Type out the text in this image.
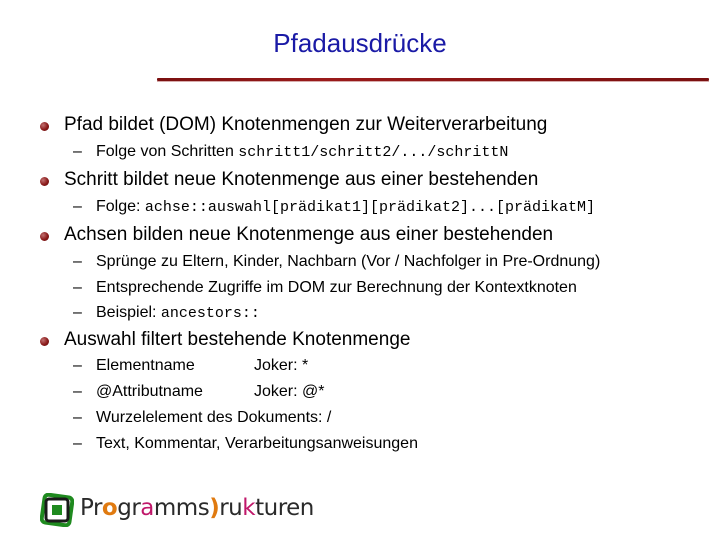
Pfadausdrücke
Pfad bildet (DOM) Knotenmengen zur Weiterverarbeitung
– Folge von Schritten schritt1/schritt2/.../schrittN
Schritt bildet neue Knotenmenge aus einer bestehenden
– Folge: achse::auswahl[prädikat1][prädikat2]...[prädikatM]
Achsen bilden neue Knotenmenge aus einer bestehenden
– Sprünge zu Eltern, Kinder, Nachbarn (Vor / Nachfolger in Pre-Ordnung)
– Entsprechende Zugriffe im DOM zur Berechnung der Kontextknoten
– Beispiel: ancestors::
Auswahl filtert bestehende Knotenmenge
– Elementname	Joker: *
– @Attributname	Joker: @*
– Wurzelelement des Dokuments: /
– Text, Kommentar, Verarbeitungsanweisungen
Programms)rukturen
